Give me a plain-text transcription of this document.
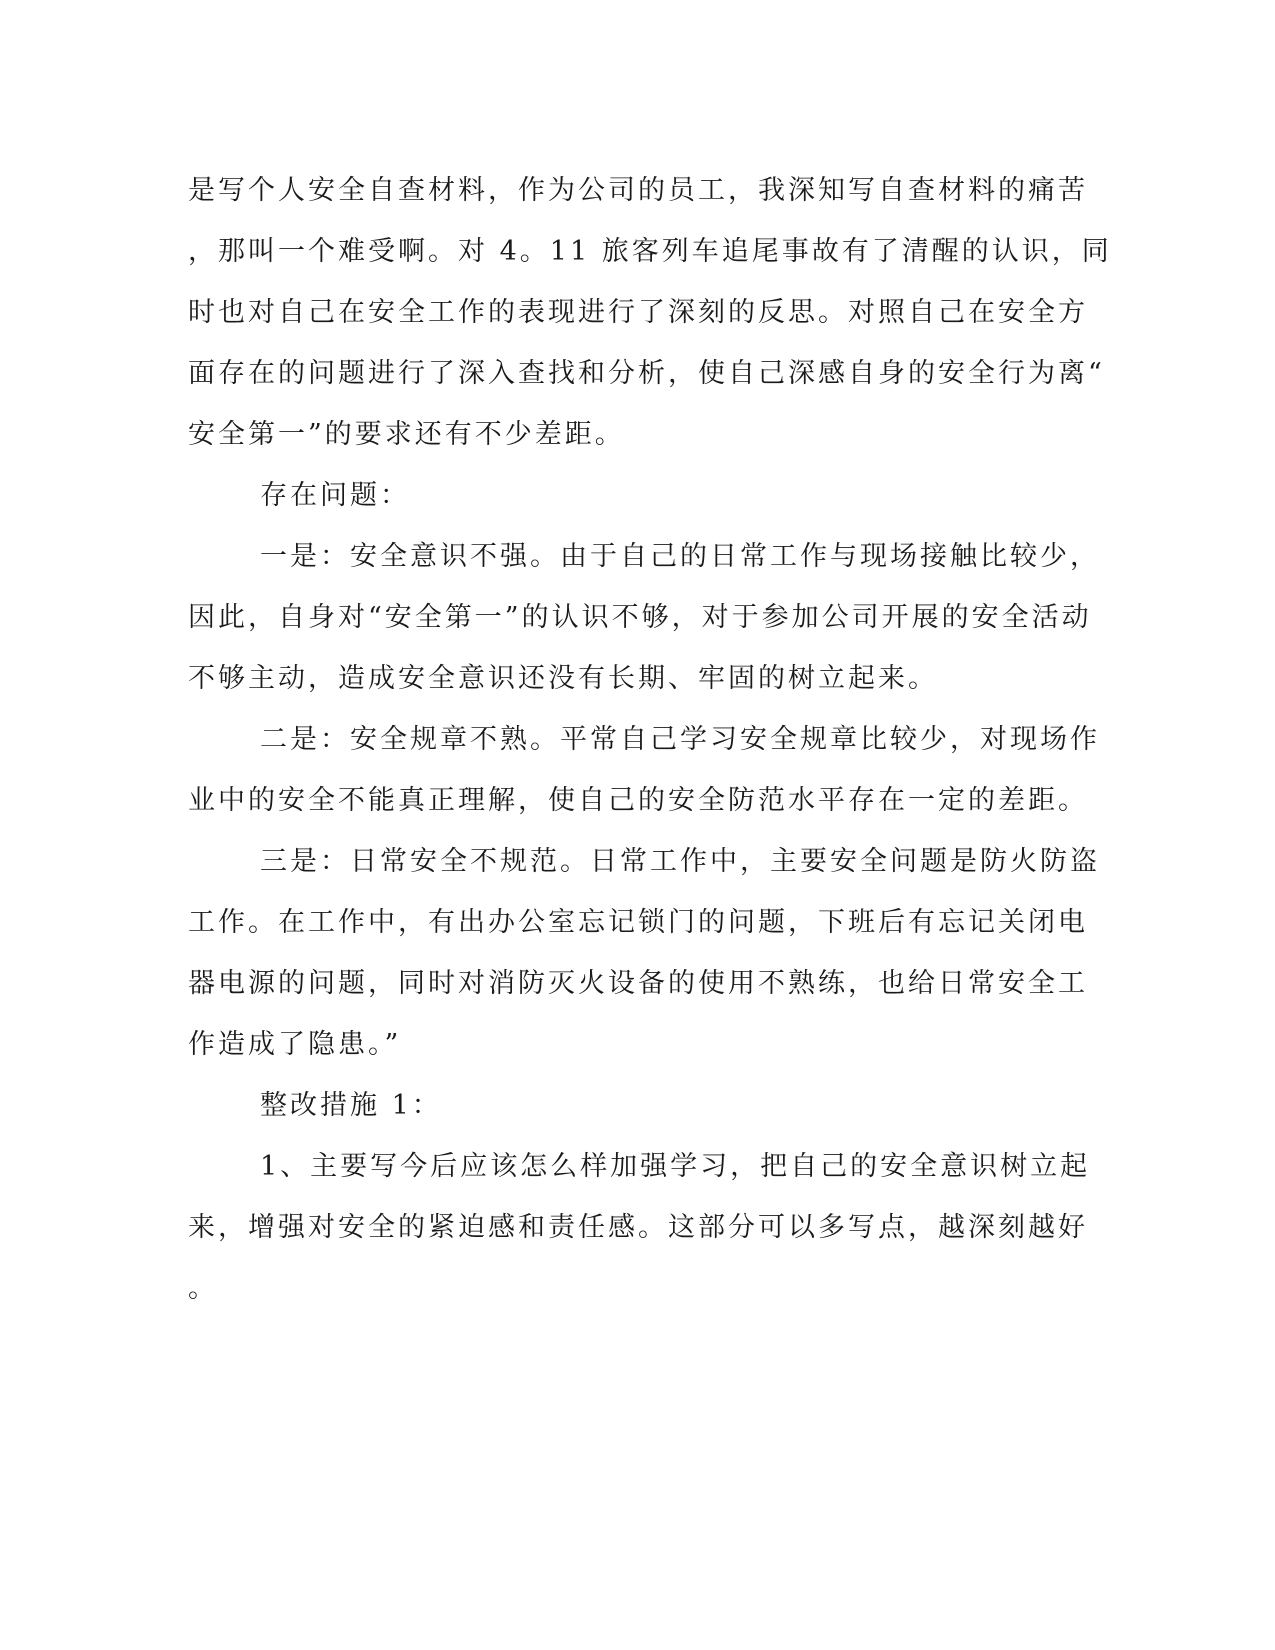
是写个人安全自查材料，作为公司的员工，我深知写自查材料的痛苦
，那叫一个难受啊。对 4。11 旅客列车追尾事故有了清醒的认识，同
时也对自己在安全工作的表现进行了深刻的反思。对照自己在安全方
面存在的问题进行了深入查找和分析，使自己深感自身的安全行为离“
安全第一”的要求还有不少差距。
存在问题：
一是：安全意识不强。由于自己的日常工作与现场接触比较少，
因此，自身对“安全第一”的认识不够，对于参加公司开展的安全活动
不够主动，造成安全意识还没有长期、牢固的树立起来。
二是：安全规章不熟。平常自己学习安全规章比较少，对现场作
业中的安全不能真正理解，使自己的安全防范水平存在一定的差距。
三是：日常安全不规范。日常工作中，主要安全问题是防火防盗
工作。在工作中，有出办公室忘记锁门的问题，下班后有忘记关闭电
器电源的问题，同时对消防灭火设备的使用不熟练，也给日常安全工
作造成了隐患。”
整改措施 1：
1、主要写今后应该怎么样加强学习，把自己的安全意识树立起
来，增强对安全的紧迫感和责任感。这部分可以多写点，越深刻越好
。
